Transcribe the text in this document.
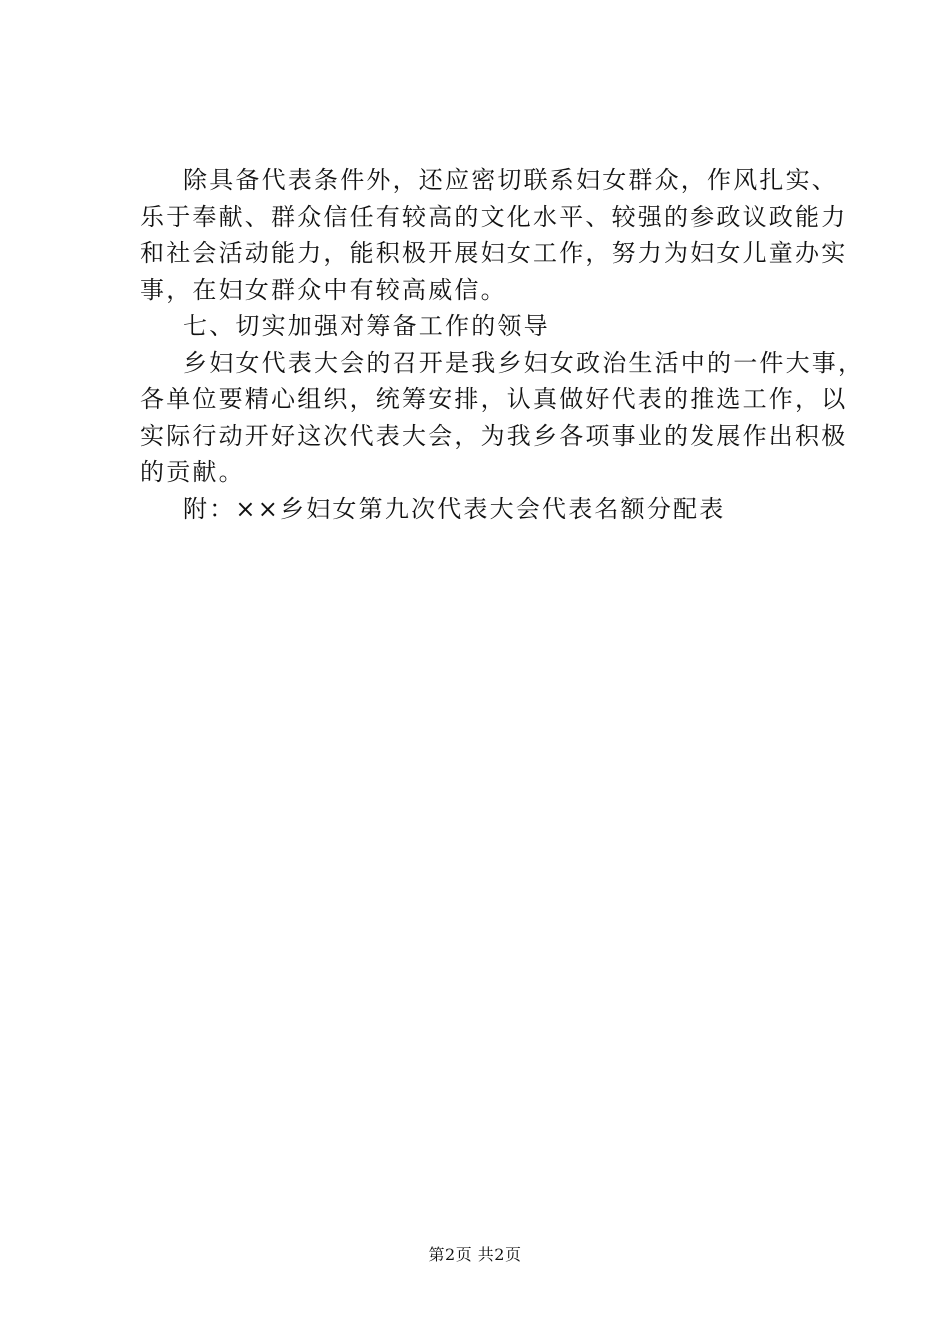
除具备代表条件外，还应密切联系妇女群众，作风扎实、
乐于奉献、群众信任有较高的文化水平、较强的参政议政能力
和社会活动能力，能积极开展妇女工作，努力为妇女儿童办实
事，在妇女群众中有较高威信。
七、切实加强对筹备工作的领导
乡妇女代表大会的召开是我乡妇女政治生活中的一件大事，
各单位要精心组织，统筹安排，认真做好代表的推选工作，以
实际行动开好这次代表大会，为我乡各项事业的发展作出积极
的贡献。
附：××乡妇女第九次代表大会代表名额分配表
第2页 共2页
